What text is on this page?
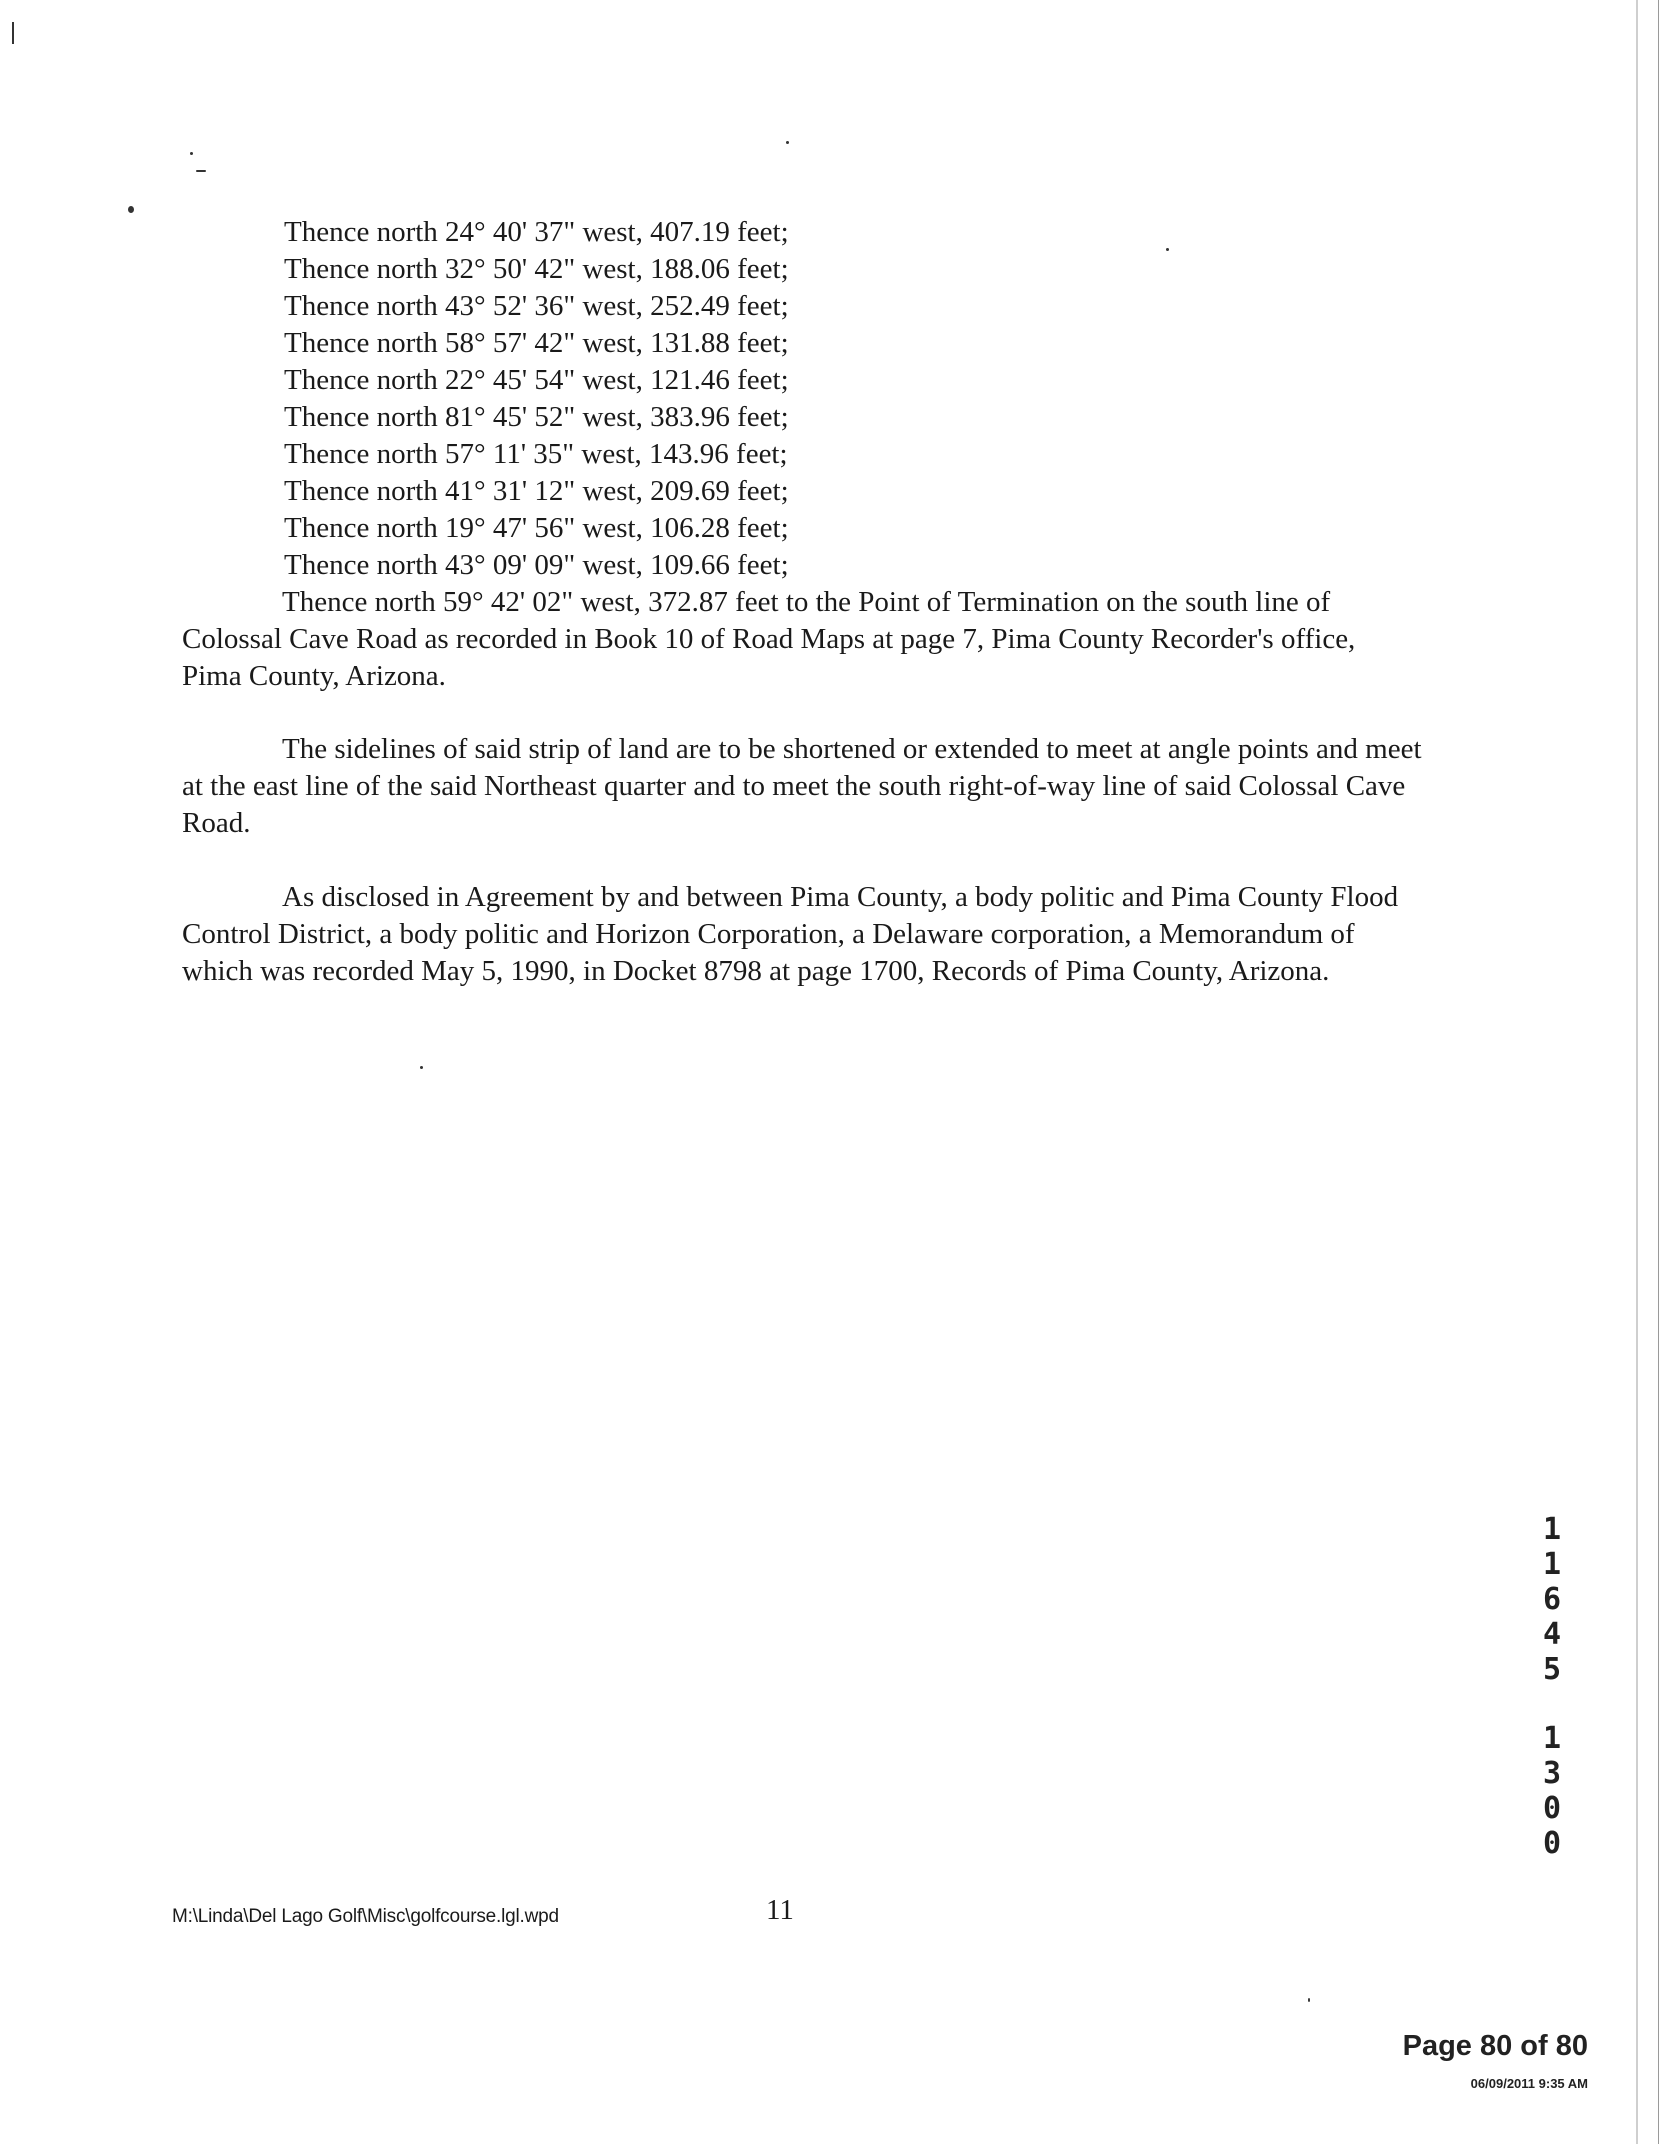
Thence north 24° 40' 37" west, 407.19 feet;
Thence north 32° 50' 42" west, 188.06 feet;
Thence north 43° 52' 36" west, 252.49 feet;
Thence north 58° 57' 42" west, 131.88 feet;
Thence north 22° 45' 54" west, 121.46 feet;
Thence north 81° 45' 52" west, 383.96 feet;
Thence north 57° 11' 35" west, 143.96 feet;
Thence north 41° 31' 12" west, 209.69 feet;
Thence north 19° 47' 56" west, 106.28 feet;
Thence north 43° 09' 09" west, 109.66 feet;

Thence north 59° 42' 02" west, 372.87 feet to the Point of Termination on the south line of Colossal Cave Road as recorded in Book 10 of Road Maps at page 7, Pima County Recorder's office, Pima County, Arizona.

The sidelines of said strip of land are to be shortened or extended to meet at angle points and meet at the east line of the said Northeast quarter and to meet the south right-of-way line of said Colossal Cave Road.

As disclosed in Agreement by and between Pima County, a body politic and Pima County Flood Control District, a body politic and Horizon Corporation, a Delaware corporation, a Memorandum of which was recorded May 5, 1990, in Docket 8798 at page 1700, Records of Pima County, Arizona.

1
1
6
4
5
1
3
0
0
M:\Linda\Del Lago Golf\Misc\golfcourse.lgl.wpd	11
Page 80 of 80
06/09/2011 9:35 AM
